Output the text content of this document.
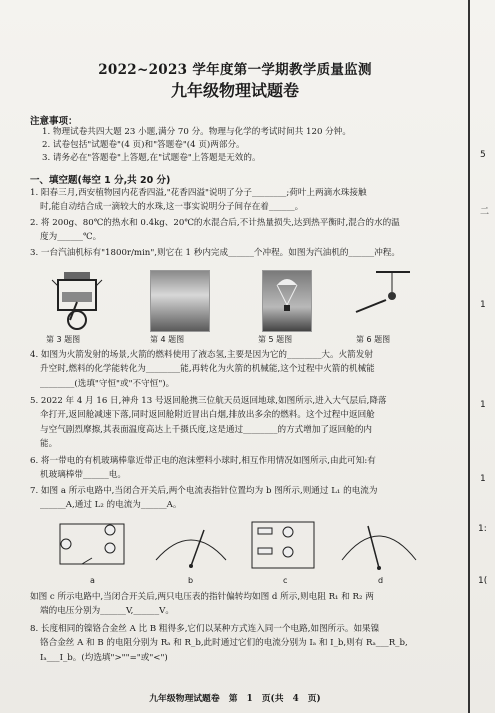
2022~2023 学年度第一学期教学质量监测
九年级物理试题卷
注意事项：
1. 物理试卷共四大题 23 小题,满分 70 分。物理与化学的考试时间共 120 分钟。
2. 试卷包括"试题卷"(4 页)和"答题卷"(4 页)两部分。
3. 请务必在"答题卷"上答题,在"试题卷"上答题是无效的。
一、填空题(每空 1 分,共 20 分)
1. 阳春三月,西安植物园内花香四溢,"花香四溢"说明了分子________;荷叶上两滴水珠接触
时,能自动结合成一滴较大的水珠,这一事实说明分子间存在着______。
2. 将 200g、80℃的热水和 0.4kg、20℃的水混合后,不计热量损失,达到热平衡时,混合的水的温
度为______℃。
3. 一台汽油机标有"1800r/min",则它在 1 秒内完成______个冲程。如图为汽油机的______冲程。
第 3 题图	第 4 题图	第 5 题图	第 6 题图
4. 如图为火箭发射的场景,火箭的燃料使用了液态氢,主要是因为它的________大。火箭发射
升空时,燃料的化学能转化为________能,再转化为火箭的机械能,这个过程中火箭的机械能
________(选填"守恒"或"不守恒")。
5. 2022 年 4 月 16 日,神舟 13 号返回舱携三位航天员返回地球,如图所示,进入大气层后,降落
伞打开,返回舱减速下落,同时返回舱附近冒出白烟,排放出多余的燃料。这个过程中返回舱
与空气剧烈摩擦,其表面温度高达上千摄氏度,这是通过________的方式增加了返回舱的内
能。
6. 将一带电的有机玻璃棒靠近带正电的泡沫塑料小球时,相互作用情况如图所示,由此可知:有
机玻璃棒带______电。
7. 如图 a 所示电路中,当闭合开关后,两个电流表指针位置均为 b 图所示,则通过 L₁ 的电流为
______A,通过 L₂ 的电流为______A。
a	b	c	d
如图 c 所示电路中,当闭合开关后,两只电压表的指针偏转均如图 d 所示,则电阻 R₁ 和 R₂ 两
端的电压分别为______V,______V。
8. 长度相同的镍铬合金丝 A 比 B 粗得多,它们以某种方式连入同一个电路,如图所示。如果镍
铬合金丝 A 和 B 的电阻分别为 Rₐ 和 R_b,此时通过它们的电流分别为 Iₐ 和 I_b,则有 Rₐ___R_b,
Iₐ___I_b。(均选填">""="或"<")
九年级物理试题卷 第 1 页(共 4 页)
5
二
1
1
1
1:
1(
